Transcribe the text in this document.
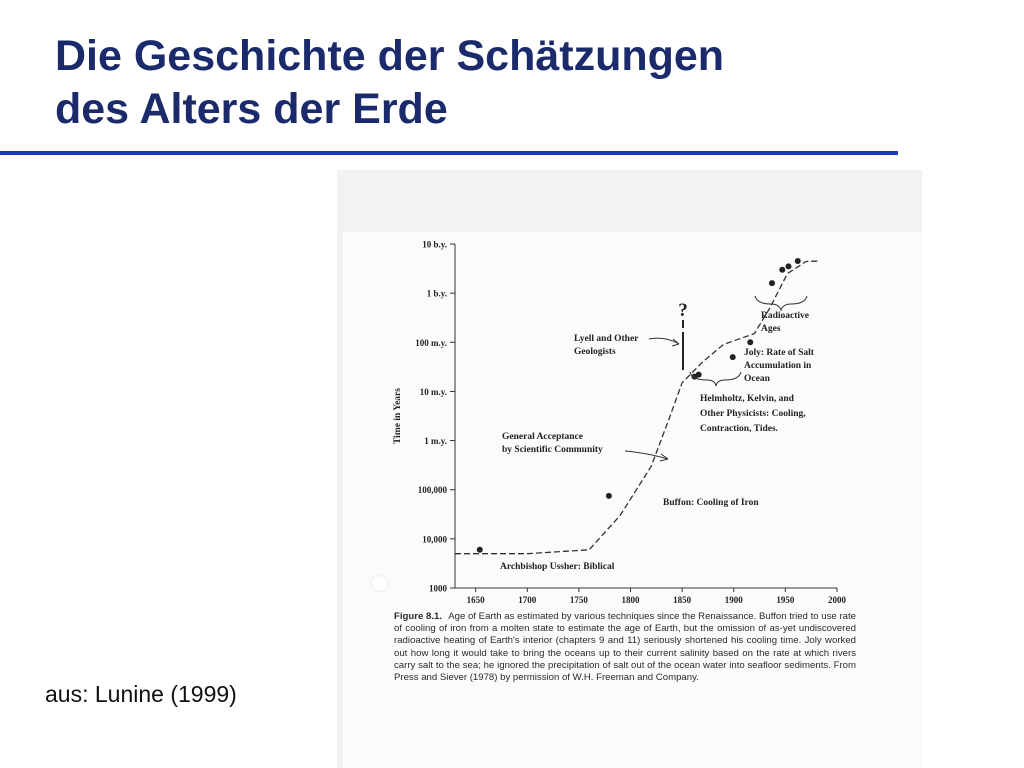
Die Geschichte der Schätzungen
des Alters der Erde
1000
10,000
100,000
1 m.y.
10 m.y.
100 m.y.
1 b.y.
10 b.y.
1650	1700	1750	1800	1850	1900	1950	2000
Time in Years
Lyell and Other
Geologists
General Acceptance
by Scientific Community
Radioactive
Ages
Joly: Rate of Salt
Accumulation in
Ocean
Helmholtz, Kelvin, and
Other Physicists: Cooling,
Contraction, Tides.
Buffon: Cooling of Iron
Archbishop Ussher: Biblical
?
Figure 8.1. Age of Earth as estimated by various techniques since the Renaissance. Buffon tried to use rate of cooling of iron from a molten state to estimate the age of Earth, but the omission of as-yet undiscovered radioactive heating of Earth's interior (chapters 9 and 11) seriously shortened his cooling time. Joly worked out how long it would take to bring the oceans up to their current salinity based on the rate at which rivers carry salt to the sea; he ignored the precipitation of salt out of the ocean water into seafloor sediments. From Press and Siever (1978) by permission of W.H. Freeman and Company.
aus: Lunine (1999)
